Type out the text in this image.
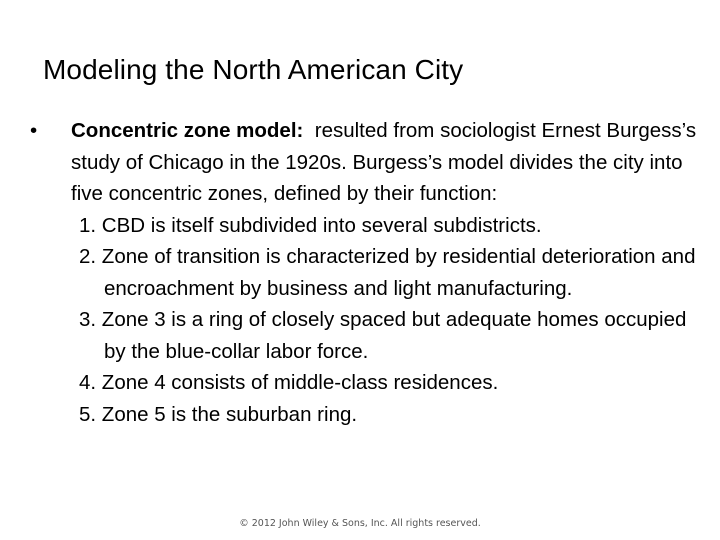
Modeling the North American City
• Concentric zone model:  resulted from sociologist Ernest Burgess’s study of Chicago in the 1920s. Burgess’s model divides the city into five concentric zones, defined by their function:
1. CBD is itself subdivided into several subdistricts.
2. Zone of transition is characterized by residential deterioration and encroachment by business and light manufacturing.
3. Zone 3 is a ring of closely spaced but adequate homes occupied by the blue-collar labor force.
4. Zone 4 consists of middle-class residences.
5. Zone 5 is the suburban ring.
© 2012 John Wiley & Sons, Inc. All rights reserved.
